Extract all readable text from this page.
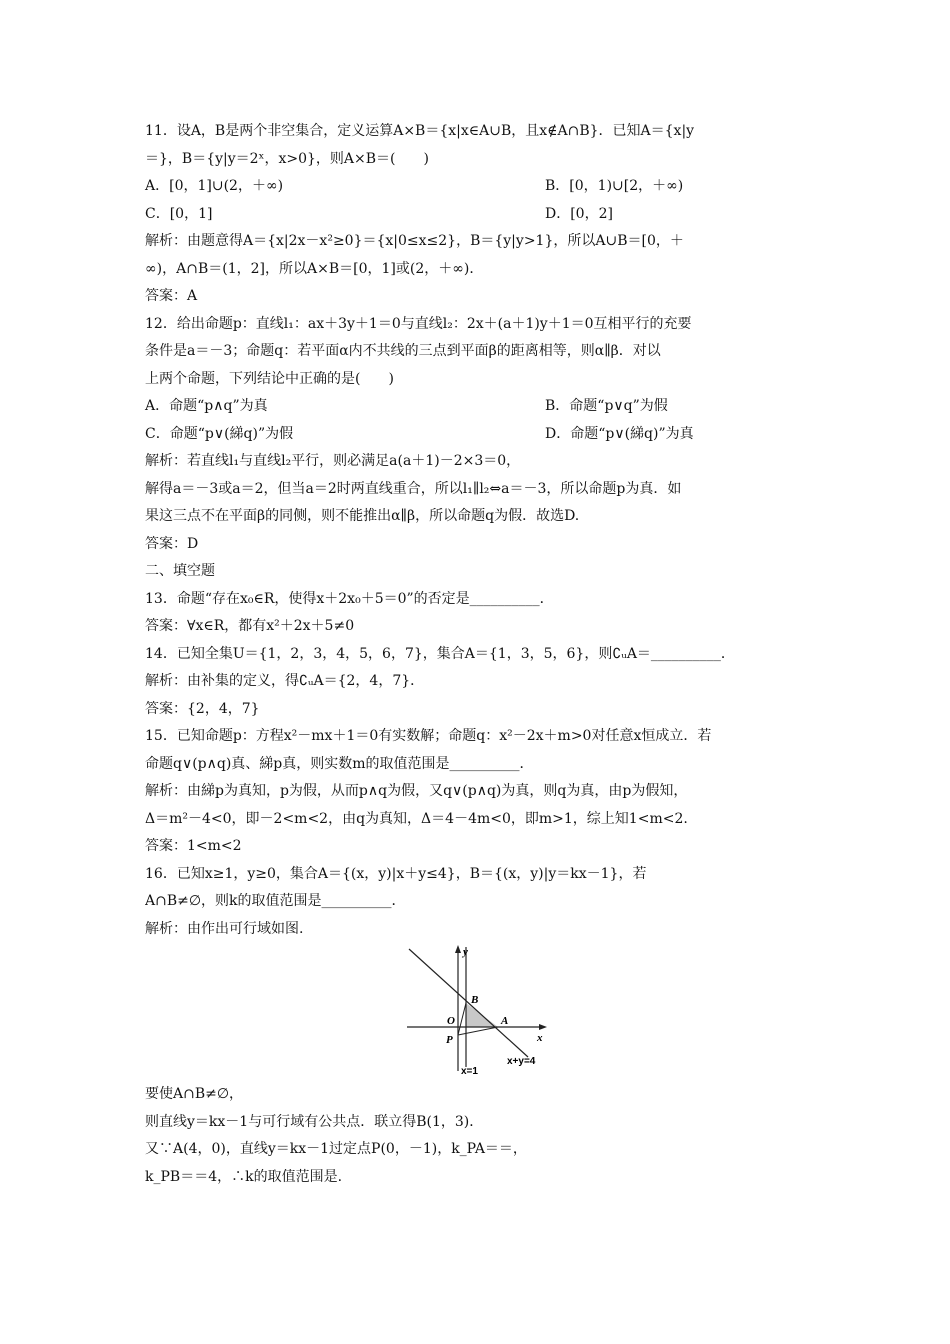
11．设A，B是两个非空集合，定义运算A×B＝{x|x∈A∪B，且x∉A∩B}．已知A＝{x|y
＝}，B＝{y|y＝2ˣ，x>0}，则A×B＝(　　)
A．[0，1]∪(2，＋∞)	B．[0，1)∪[2，＋∞)
C．[0，1]	D．[0，2]
解析：由题意得A＝{x|2x－x²≥0}＝{x|0≤x≤2}，B＝{y|y>1}，所以A∪B＝[0，＋
∞)，A∩B＝(1，2]，所以A×B＝[0，1]或(2，＋∞)．
答案：A
12．给出命题p：直线l₁：ax＋3y＋1＝0与直线l₂：2x＋(a＋1)y＋1＝0互相平行的充要
条件是a＝－3；命题q：若平面α内不共线的三点到平面β的距离相等，则α∥β．对以
上两个命题，下列结论中正确的是(　　)
A．命题“p∧q”为真	B．命题“p∨q”为假
C．命题“p∨(綈q)”为假	D．命题“p∨(綈q)”为真
解析：若直线l₁与直线l₂平行，则必满足a(a＋1)－2×3＝0，
解得a＝－3或a＝2，但当a＝2时两直线重合，所以l₁∥l₂⇔a＝－3，所以命题p为真．如
果这三点不在平面β的同侧，则不能推出α∥β，所以命题q为假．故选D.
答案：D
二、填空题
13．命题“存在x₀∈R，使得x＋2x₀＋5＝0”的否定是__________．
答案：∀x∈R，都有x²＋2x＋5≠0
14．已知全集U＝{1，2，3，4，5，6，7}，集合A＝{1，3，5，6}，则∁ᵤA＝__________．
解析：由补集的定义，得∁ᵤA＝{2，4，7}．
答案：{2，4，7}
15．已知命题p：方程x²－mx＋1＝0有实数解；命题q：x²－2x＋m>0对任意x恒成立．若
命题q∨(p∧q)真、綈p真，则实数m的取值范围是__________．
解析：由綈p为真知，p为假，从而p∧q为假，又q∨(p∧q)为真，则q为真，由p为假知，
Δ＝m²－4<0，即－2<m<2，由q为真知，Δ＝4－4m<0，即m>1，综上知1<m<2.
答案：1<m<2
16．已知x≥1，y≥0，集合A＝{(x，y)|x＋y≤4}，B＝{(x，y)|y＝kx－1}，若
A∩B≠∅，则k的取值范围是__________．
解析：由作出可行域如图.
y
x
O
B
A
P
x=1
x+y=4
要使A∩B≠∅，
则直线y＝kx－1与可行域有公共点．联立得B(1，3)．
又∵A(4，0)，直线y＝kx－1过定点P(0，－1)，k_PA＝＝，
k_PB＝＝4，∴k的取值范围是.
